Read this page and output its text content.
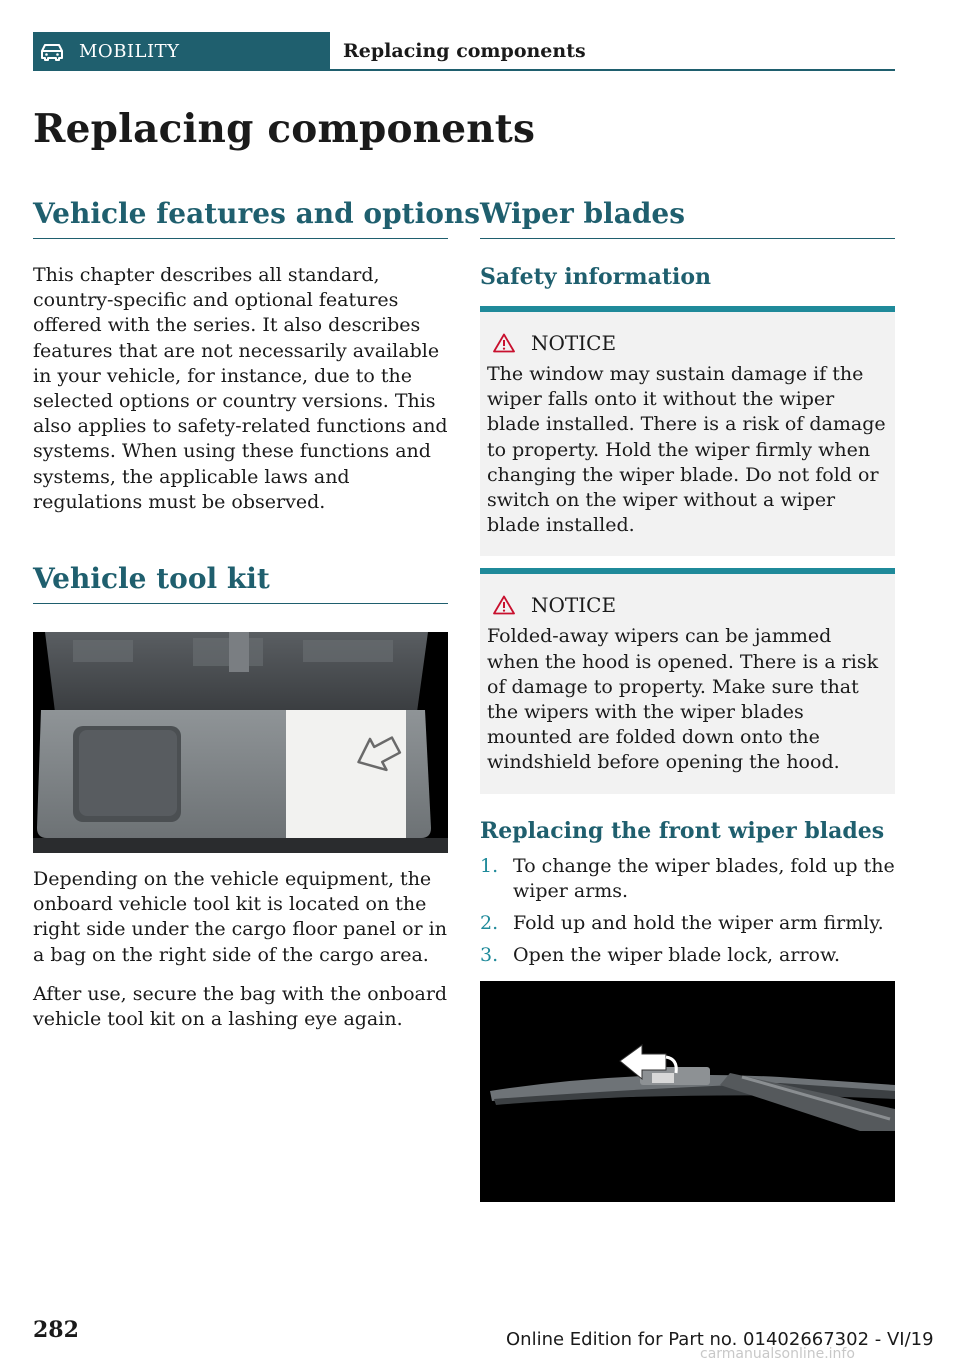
MOBILITY	Replacing components
Replacing components
Vehicle features and options

This chapter describes all standard, country-specific and optional features offered with the series. It also describes features that are not necessarily available in your vehicle, for instance, due to the selected options or country versions. This also applies to safety-related functions and systems. When using these functions and systems, the applicable laws and regulations must be observed.

Vehicle tool kit

Depending on the vehicle equipment, the onboard vehicle tool kit is located on the right side under the cargo floor panel or in a bag on the right side of the cargo area.

After use, secure the bag with the onboard vehicle tool kit on a lashing eye again.

Wiper blades
Safety information
NOTICE

The window may sustain damage if the wiper falls onto it without the wiper blade installed. There is a risk of damage to property. Hold the wiper firmly when changing the wiper blade. Do not fold or switch on the wiper without a wiper blade installed.

NOTICE

Folded-away wipers can be jammed when the hood is opened. There is a risk of damage to property. Make sure that the wipers with the wiper blades mounted are folded down onto the windshield before opening the hood.

Replacing the front wiper blades
1. To change the wiper blades, fold up the wiper arms.
2. Fold up and hold the wiper arm firmly.
3. Open the wiper blade lock, arrow.
282	Online Edition for Part no. 01402667302 - VI/19
carmanualsonline.info
